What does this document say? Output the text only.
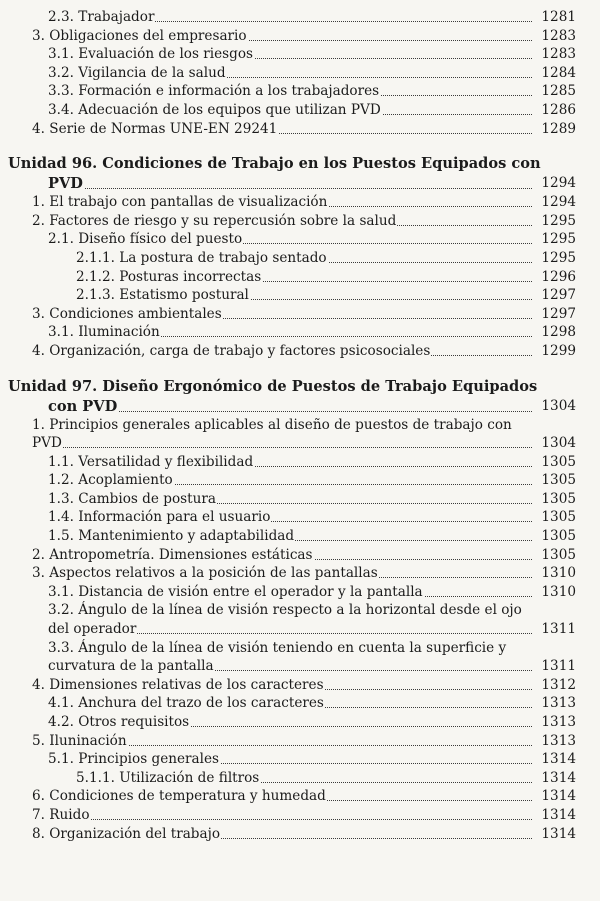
2.3. Trabajador	1281
3. Obligaciones del empresario	1283
3.1. Evaluación de los riesgos	1283
3.2. Vigilancia de la salud	1284
3.3. Formación e información a los trabajadores	1285
3.4. Adecuación de los equipos que utilizan PVD	1286
4. Serie de Normas UNE-EN 29241	1289
Unidad 96. Condiciones de Trabajo en los Puestos Equipados con
PVD	1294
1. El trabajo con pantallas de visualización	1294
2. Factores de riesgo y su repercusión sobre la salud	1295
2.1. Diseño físico del puesto	1295
2.1.1. La postura de trabajo sentado	1295
2.1.2. Posturas incorrectas	1296
2.1.3. Estatismo postural	1297
3. Condiciones ambientales	1297
3.1. Iluminación	1298
4. Organización, carga de trabajo y factores psicosociales	1299
Unidad 97. Diseño Ergonómico de Puestos de Trabajo Equipados
con PVD	1304
1. Principios generales aplicables al diseño de puestos de trabajo con
PVD	1304
1.1. Versatilidad y flexibilidad	1305
1.2. Acoplamiento	1305
1.3. Cambios de postura	1305
1.4. Información para el usuario	1305
1.5. Mantenimiento y adaptabilidad	1305
2. Antropometría. Dimensiones estáticas	1305
3. Aspectos relativos a la posición de las pantallas	1310
3.1. Distancia de visión entre el operador y la pantalla	1310
3.2. Ángulo de la línea de visión respecto a la horizontal desde el ojo
del operador	1311
3.3. Ángulo de la línea de visión teniendo en cuenta la superficie y
curvatura de la pantalla	1311
4. Dimensiones relativas de los caracteres	1312
4.1. Anchura del trazo de los caracteres	1313
4.2. Otros requisitos	1313
5. Iluninación	1313
5.1. Principios generales	1314
5.1.1. Utilización de filtros	1314
6. Condiciones de temperatura y humedad	1314
7. Ruido	1314
8. Organización del trabajo	1314
